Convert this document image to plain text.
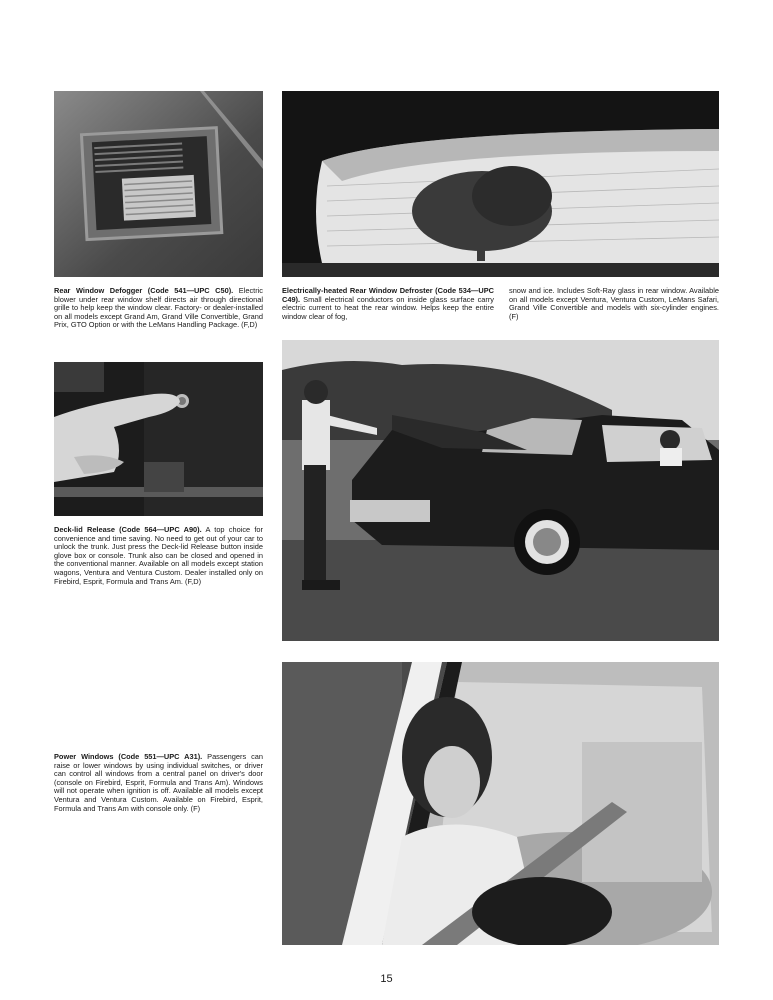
Rear Window Defogger (Code 541—UPC C50). Electric blower under rear window shelf directs air through directional grille to help keep the window clear. Factory- or dealer-installed on all models except Grand Am, Grand Ville Convertible, Grand Prix, GTO Option or with the LeMans Handling Package. (F,D)
Electrically-heated Rear Window Defroster (Code 534—UPC C49). Small electrical conductors on inside glass surface carry electric current to heat the rear window. Helps keep the entire window clear of fog,
snow and ice. Includes Soft-Ray glass in rear window. Available on all models except Ventura, Ventura Custom, LeMans Safari, Grand Ville Convertible and models with six-cylinder engines. (F)
Deck-lid Release (Code 564—UPC A90). A top choice for convenience and time saving. No need to get out of your car to unlock the trunk. Just press the Deck-lid Release button inside glove box or console. Trunk also can be closed and opened in the conventional manner. Available on all models except station wagons, Ventura and Ventura Custom. Dealer installed only on Firebird, Esprit, Formula and Trans Am. (F,D)
Power Windows (Code 551—UPC A31). Passengers can raise or lower windows by using individual switches, or driver can control all windows from a central panel on driver's door (console on Firebird, Esprit, Formula and Trans Am). Windows will not operate when ignition is off. Available all models except Ventura and Ventura Custom. Available on Firebird, Esprit, Formula and Trans Am with console only. (F)
15
